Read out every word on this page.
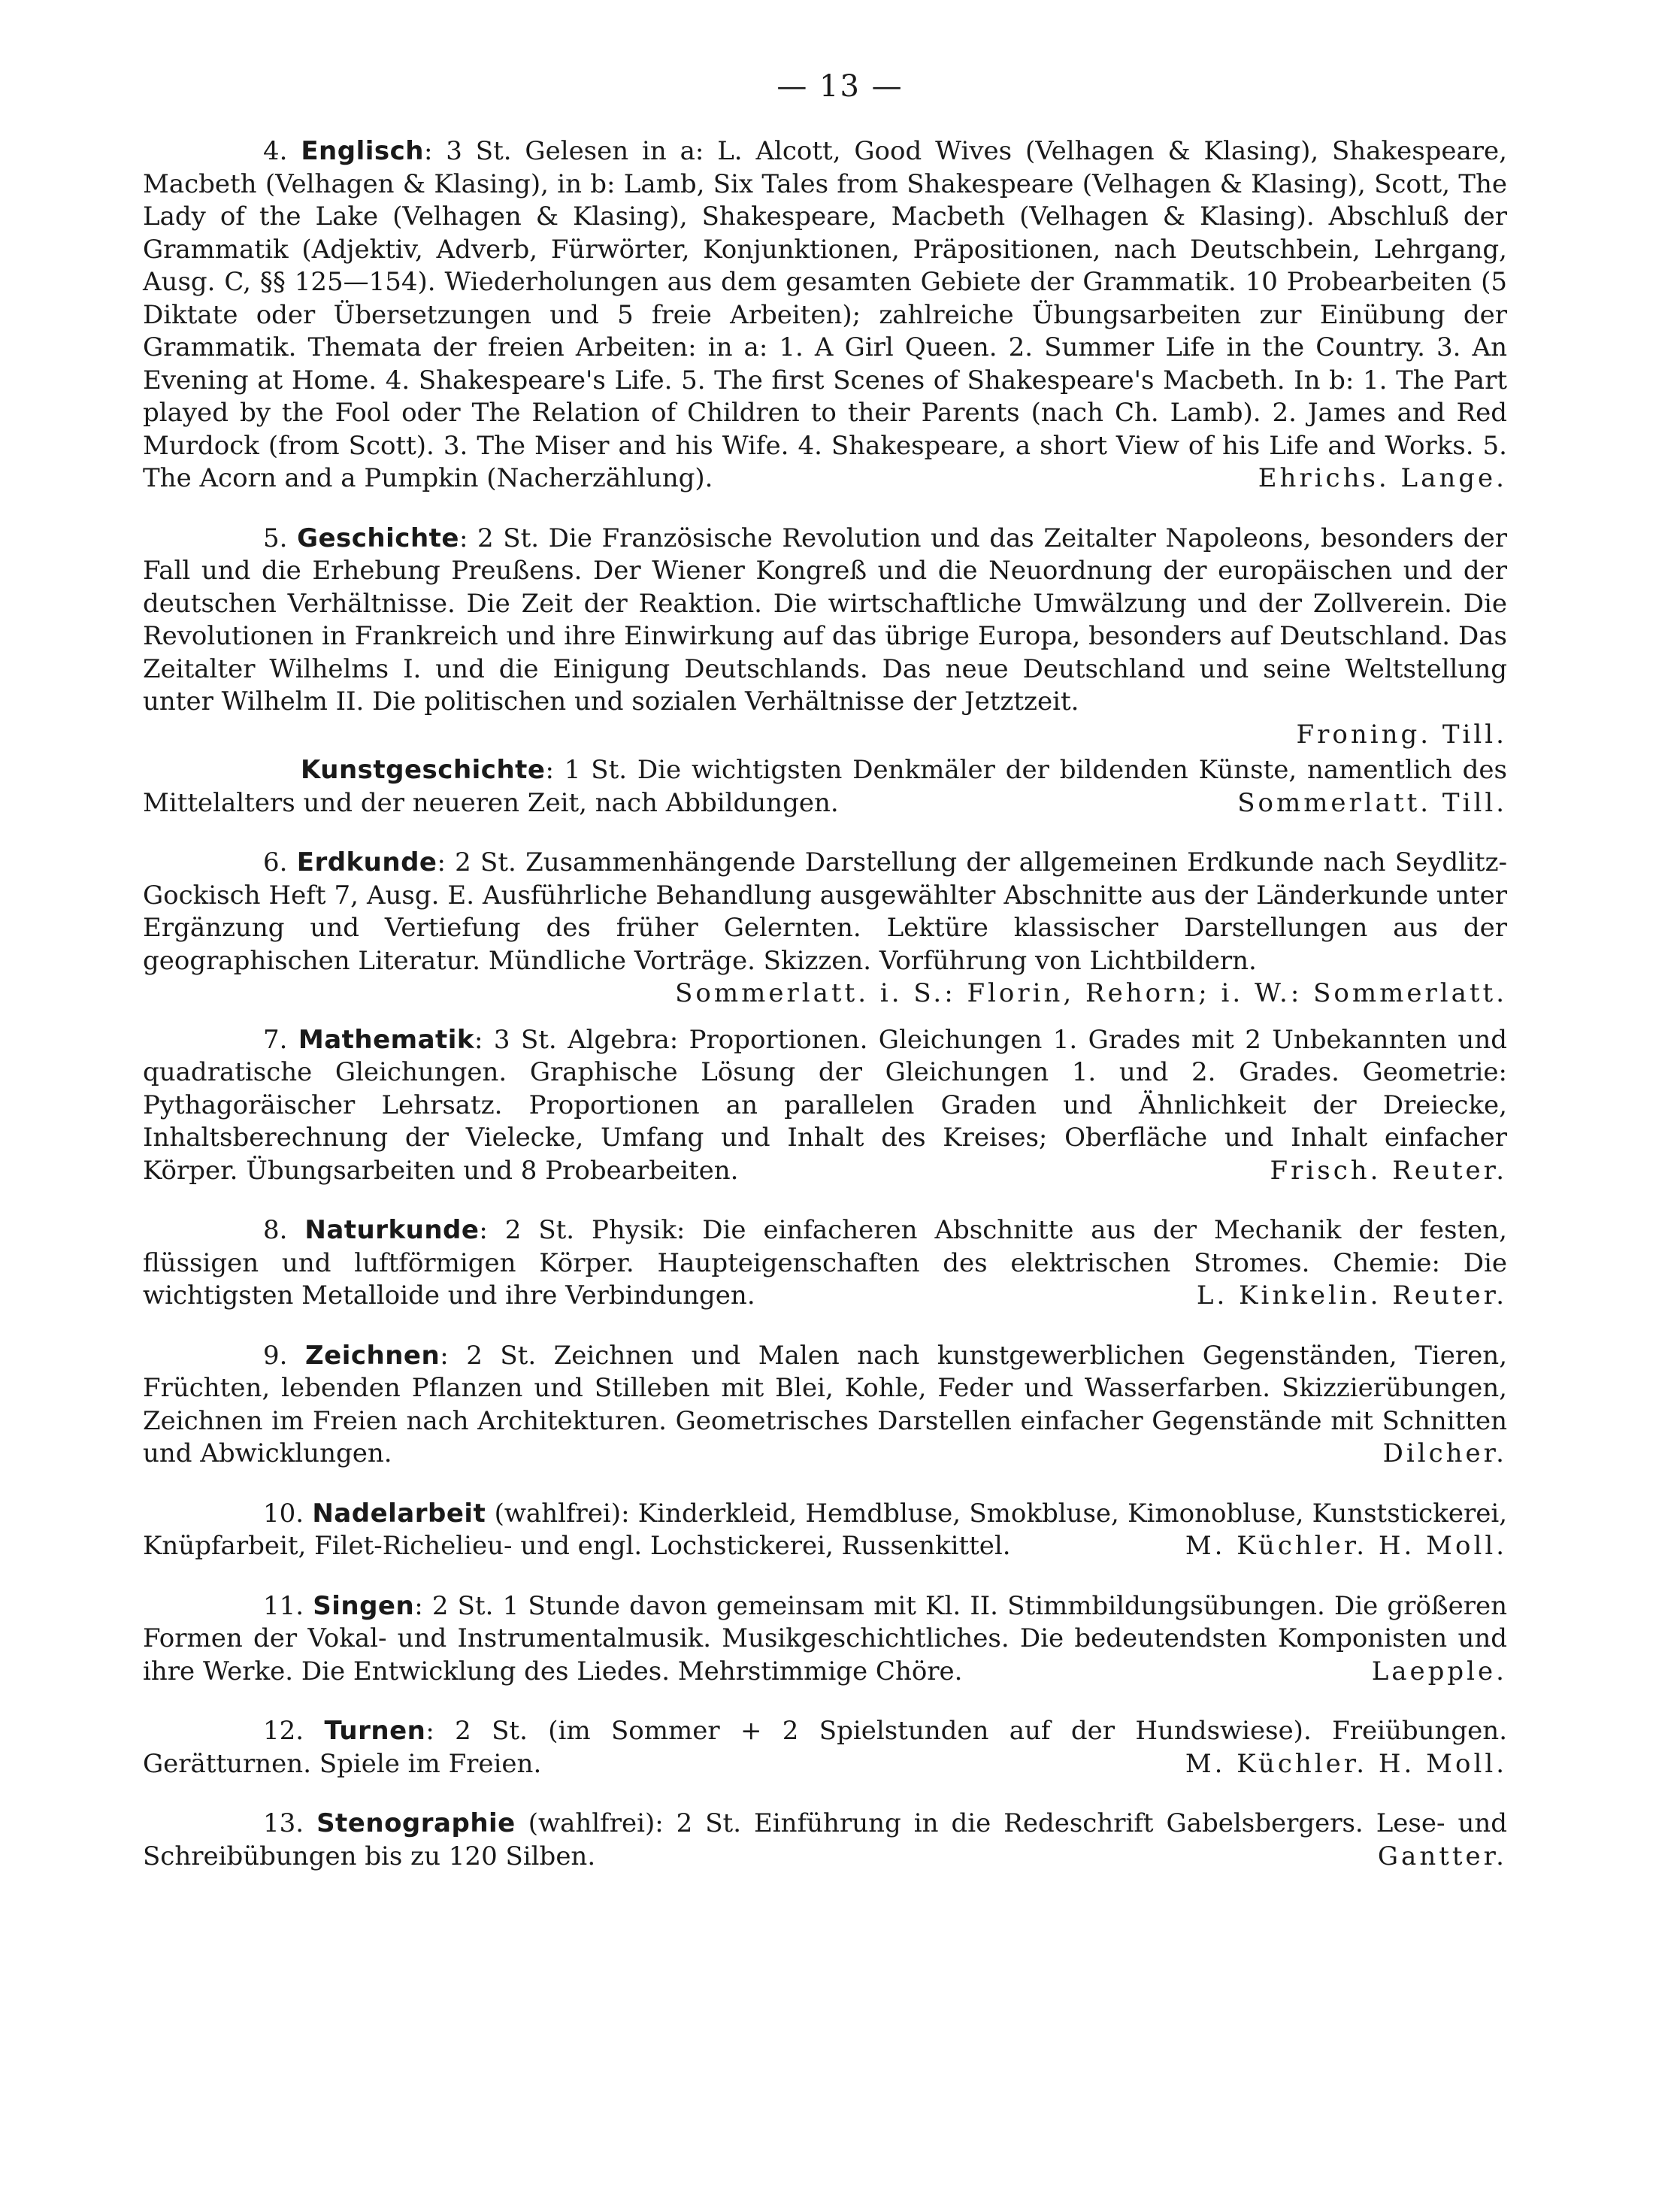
— 13 —

4. Englisch: 3 St. Gelesen in a: L. Alcott, Good Wives (Velhagen & Klasing), Shakespeare, Macbeth (Velhagen & Klasing), in b: Lamb, Six Tales from Shakespeare (Velhagen & Klasing), Scott, The Lady of the Lake (Velhagen & Klasing), Shakespeare, Macbeth (Velhagen & Klasing). Abschluß der Grammatik (Adjektiv, Adverb, Fürwörter, Konjunktionen, Präpositionen, nach Deutschbein, Lehrgang, Ausg. C, §§ 125—154). Wiederholungen aus dem gesamten Gebiete der Grammatik. 10 Probearbeiten (5 Diktate oder Übersetzungen und 5 freie Arbeiten); zahlreiche Übungsarbeiten zur Einübung der Grammatik. Themata der freien Arbeiten: in a: 1. A Girl Queen. 2. Summer Life in the Country. 3. An Evening at Home. 4. Shakespeare's Life. 5. The first Scenes of Shakespeare's Macbeth. In b: 1. The Part played by the Fool oder The Relation of Children to their Parents (nach Ch. Lamb). 2. James and Red Murdock (from Scott). 3. The Miser and his Wife. 4. Shakespeare, a short View of his Life and Works. 5. The Acorn and a Pumpkin (Nacherzählung).	Ehrichs. Lange.

5. Geschichte: 2 St. Die Französische Revolution und das Zeitalter Napoleons, besonders der Fall und die Erhebung Preußens. Der Wiener Kongreß und die Neuordnung der europäischen und der deutschen Verhältnisse. Die Zeit der Reaktion. Die wirtschaftliche Umwälzung und der Zollverein. Die Revolutionen in Frankreich und ihre Einwirkung auf das übrige Europa, besonders auf Deutschland. Das Zeitalter Wilhelms I. und die Einigung Deutschlands. Das neue Deutschland und seine Weltstellung unter Wilhelm II. Die politischen und sozialen Verhältnisse der Jetztzeit.

Froning. Till.

Kunstgeschichte: 1 St. Die wichtigsten Denkmäler der bildenden Künste, namentlich des Mittelalters und der neueren Zeit, nach Abbildungen.	Sommerlatt. Till.

6. Erdkunde: 2 St. Zusammenhängende Darstellung der allgemeinen Erdkunde nach Seydlitz-Gockisch Heft 7, Ausg. E. Ausführliche Behandlung ausgewählter Abschnitte aus der Länderkunde unter Ergänzung und Vertiefung des früher Gelernten. Lektüre klassischer Darstellungen aus der geographischen Literatur. Mündliche Vorträge. Skizzen. Vorführung von Lichtbildern.

Sommerlatt. i. S.: Florin, Rehorn; i. W.: Sommerlatt.

7. Mathematik: 3 St. Algebra: Proportionen. Gleichungen 1. Grades mit 2 Unbekannten und quadratische Gleichungen. Graphische Lösung der Gleichungen 1. und 2. Grades. Geometrie: Pythagoräischer Lehrsatz. Proportionen an parallelen Graden und Ähnlichkeit der Dreiecke, Inhaltsberechnung der Vielecke, Umfang und Inhalt des Kreises; Oberfläche und Inhalt einfacher Körper. Übungsarbeiten und 8 Probearbeiten.	Frisch. Reuter.

8. Naturkunde: 2 St. Physik: Die einfacheren Abschnitte aus der Mechanik der festen, flüssigen und luftförmigen Körper. Haupteigenschaften des elektrischen Stromes. Chemie: Die wichtigsten Metalloide und ihre Verbindungen.	L. Kinkelin. Reuter.

9. Zeichnen: 2 St. Zeichnen und Malen nach kunstgewerblichen Gegenständen, Tieren, Früchten, lebenden Pflanzen und Stilleben mit Blei, Kohle, Feder und Wasserfarben. Skizzierübungen, Zeichnen im Freien nach Architekturen. Geometrisches Darstellen einfacher Gegenstände mit Schnitten und Abwicklungen.	Dilcher.

10. Nadelarbeit (wahlfrei): Kinderkleid, Hemdbluse, Smokbluse, Kimonobluse, Kunststickerei, Knüpfarbeit, Filet-Richelieu- und engl. Lochstickerei, Russenkittel.	M. Küchler. H. Moll.

11. Singen: 2 St. 1 Stunde davon gemeinsam mit Kl. II. Stimmbildungsübungen. Die größeren Formen der Vokal- und Instrumentalmusik. Musikgeschichtliches. Die bedeutendsten Komponisten und ihre Werke. Die Entwicklung des Liedes. Mehrstimmige Chöre.	Laepple.

12. Turnen: 2 St. (im Sommer + 2 Spielstunden auf der Hundswiese). Freiübungen. Gerätturnen. Spiele im Freien.	M. Küchler. H. Moll.

13. Stenographie (wahlfrei): 2 St. Einführung in die Redeschrift Gabelsbergers. Lese- und Schreibübungen bis zu 120 Silben.	Gantter.
